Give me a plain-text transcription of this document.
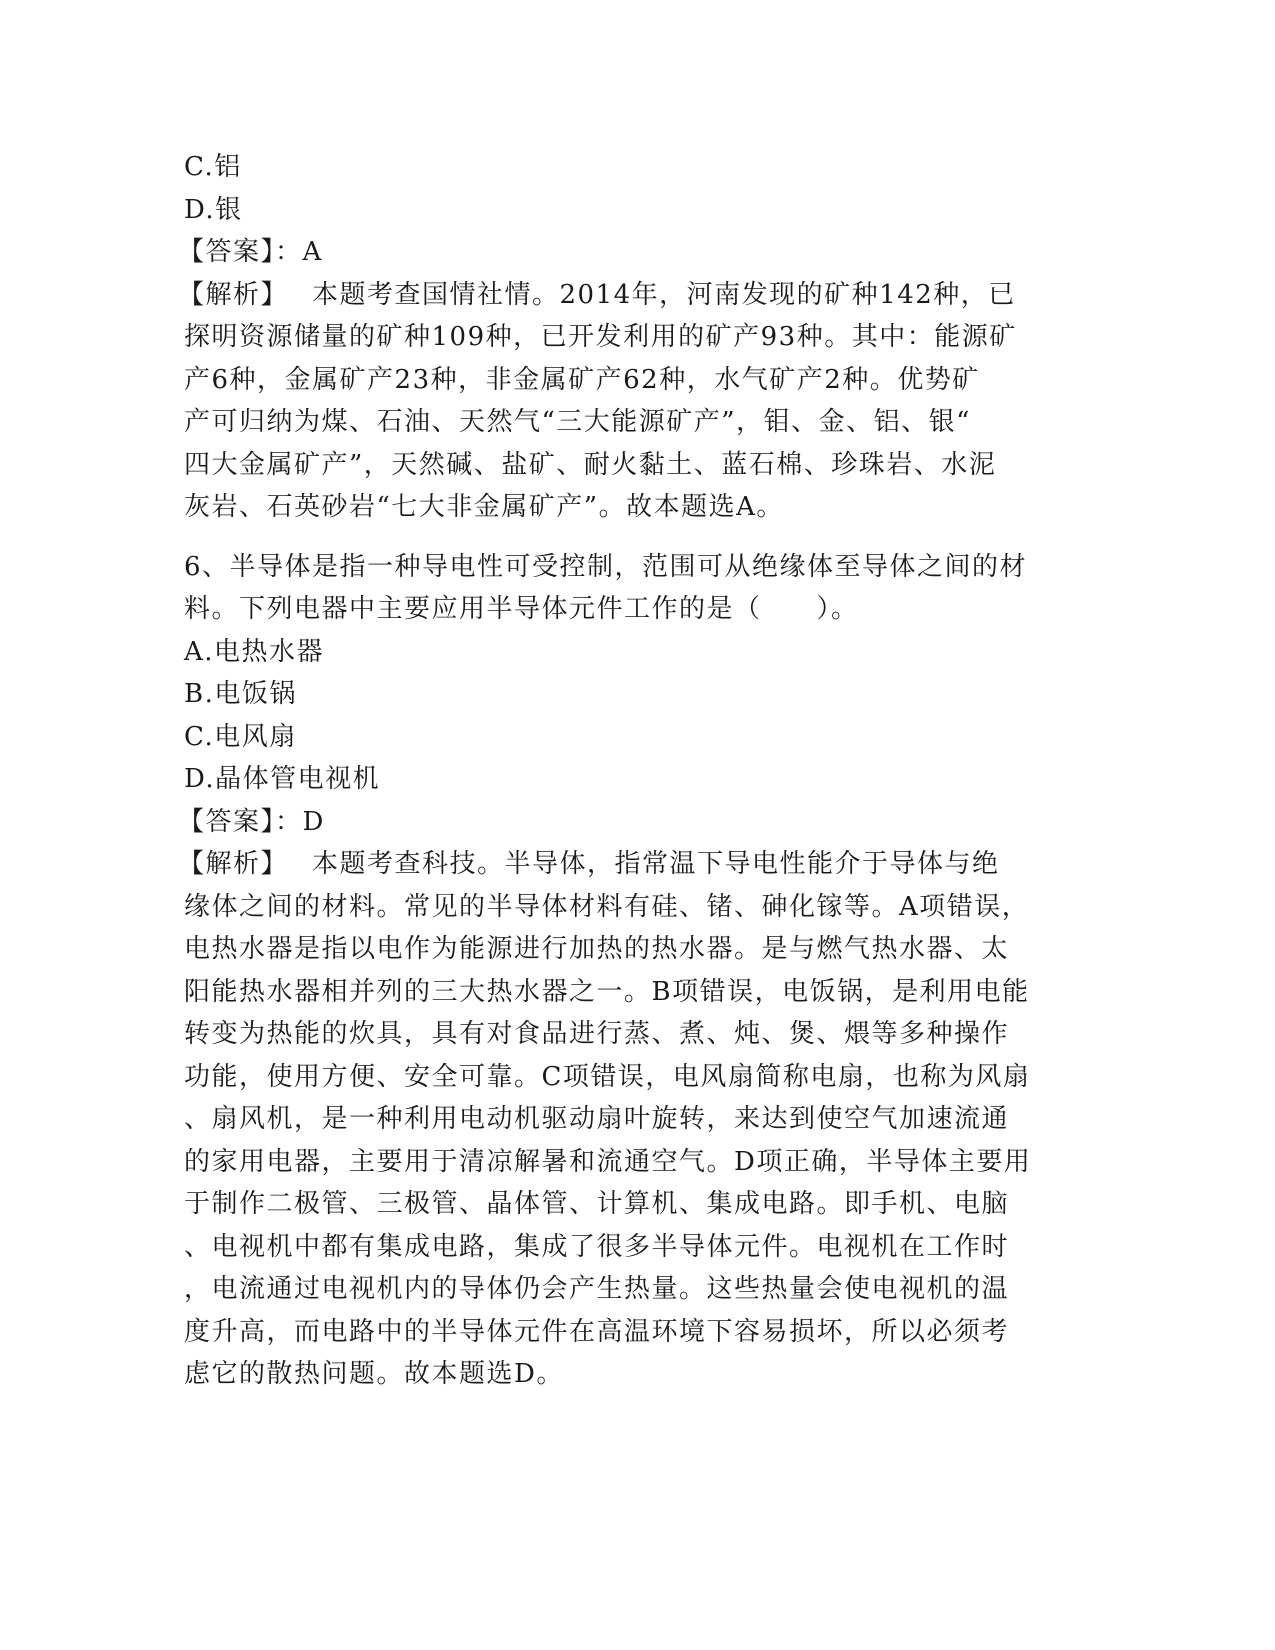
C.铝
D.银
【答案】：A
【解析】 本题考查国情社情。2014年，河南发现的矿种142种，已
探明资源储量的矿种109种，已开发利用的矿产93种。其中：能源矿
产6种，金属矿产23种，非金属矿产62种，水气矿产2种。优势矿
产可归纳为煤、石油、天然气“三大能源矿产”，钼、金、铝、银“
四大金属矿产”，天然碱、盐矿、耐火黏土、蓝石棉、珍珠岩、水泥
灰岩、石英砂岩“七大非金属矿产”。故本题选A。
6、半导体是指一种导电性可受控制，范围可从绝缘体至导体之间的材
料。下列电器中主要应用半导体元件工作的是（　　）。
A.电热水器
B.电饭锅
C.电风扇
D.晶体管电视机
【答案】：D
【解析】 本题考查科技。半导体，指常温下导电性能介于导体与绝
缘体之间的材料。常见的半导体材料有硅、锗、砷化镓等。A项错误，
电热水器是指以电作为能源进行加热的热水器。是与燃气热水器、太
阳能热水器相并列的三大热水器之一。B项错误，电饭锅，是利用电能
转变为热能的炊具，具有对食品进行蒸、煮、炖、煲、煨等多种操作
功能，使用方便、安全可靠。C项错误，电风扇简称电扇，也称为风扇
、扇风机，是一种利用电动机驱动扇叶旋转，来达到使空气加速流通
的家用电器，主要用于清凉解暑和流通空气。D项正确，半导体主要用
于制作二极管、三极管、晶体管、计算机、集成电路。即手机、电脑
、电视机中都有集成电路，集成了很多半导体元件。电视机在工作时
，电流通过电视机内的导体仍会产生热量。这些热量会使电视机的温
度升高，而电路中的半导体元件在高温环境下容易损坏，所以必须考
虑它的散热问题。故本题选D。
